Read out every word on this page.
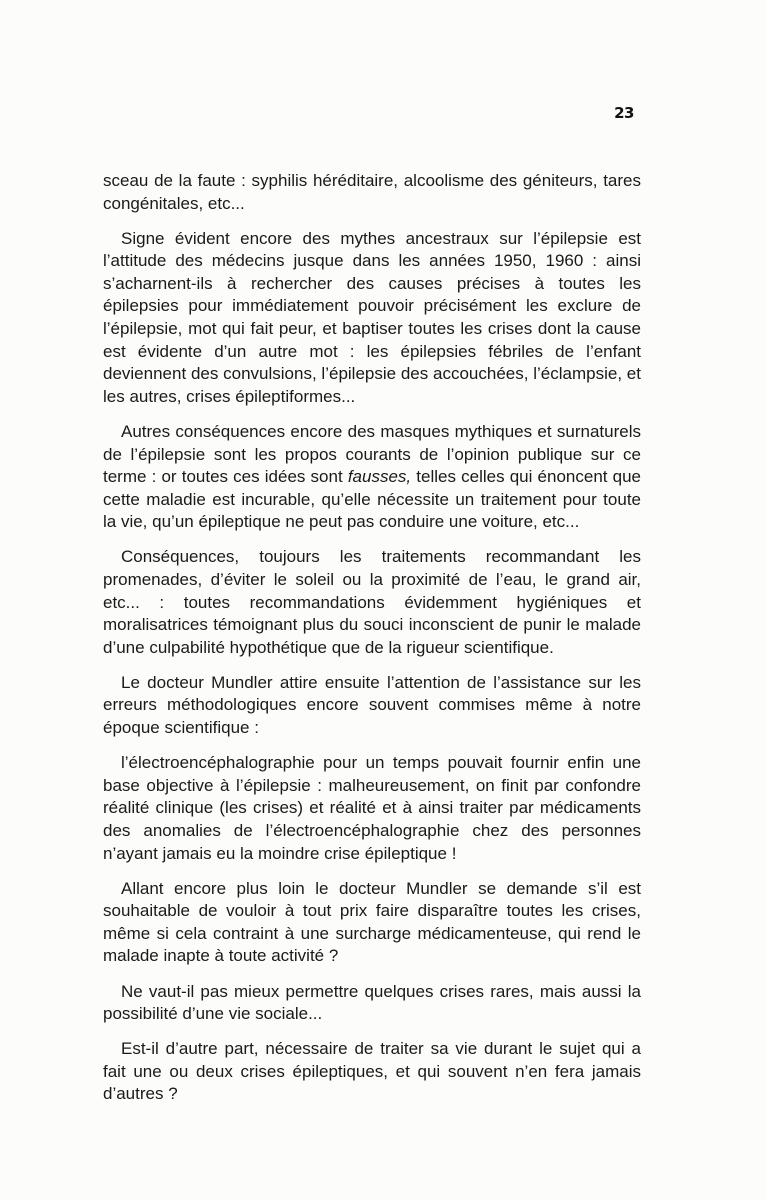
23

sceau de la faute : syphilis héréditaire, alcoolisme des géniteurs, tares congénitales, etc...

Signe évident encore des mythes ancestraux sur l’épilepsie est l’attitude des médecins jusque dans les années 1950, 1960 : ainsi s’acharnent-ils à rechercher des causes précises à toutes les épilepsies pour immédiatement pouvoir précisément les exclure de l’épilepsie, mot qui fait peur, et baptiser toutes les crises dont la cause est évidente d’un autre mot : les épilepsies fébriles de l’enfant deviennent des convulsions, l’épilepsie des accouchées, l’éclampsie, et les autres, crises épileptiformes...

Autres conséquences encore des masques mythiques et surnaturels de l’épilepsie sont les propos courants de l’opinion publique sur ce terme : or toutes ces idées sont fausses, telles celles qui énoncent que cette maladie est incurable, qu’elle nécessite un traitement pour toute la vie, qu’un épileptique ne peut pas conduire une voiture, etc...

Conséquences, toujours les traitements recommandant les promenades, d’éviter le soleil ou la proximité de l’eau, le grand air, etc... : toutes recommandations évidemment hygiéniques et moralisatrices témoignant plus du souci inconscient de punir le malade d’une culpabilité hypothétique que de la rigueur scientifique.

Le docteur Mundler attire ensuite l’attention de l’assistance sur les erreurs méthodologiques encore souvent commises même à notre époque scientifique :

l’électroencéphalographie pour un temps pouvait fournir enfin une base objective à l’épilepsie : malheureusement, on finit par confondre réalité clinique (les crises) et réalité et à ainsi traiter par médicaments des anomalies de l’électroencéphalographie chez des personnes n’ayant jamais eu la moindre crise épileptique !

Allant encore plus loin le docteur Mundler se demande s’il est souhaitable de vouloir à tout prix faire disparaître toutes les crises, même si cela contraint à une surcharge médicamenteuse, qui rend le malade inapte à toute activité ?

Ne vaut-il pas mieux permettre quelques crises rares, mais aussi la possibilité d’une vie sociale...

Est-il d’autre part, nécessaire de traiter sa vie durant le sujet qui a fait une ou deux crises épileptiques, et qui souvent n’en fera jamais d’autres ?
